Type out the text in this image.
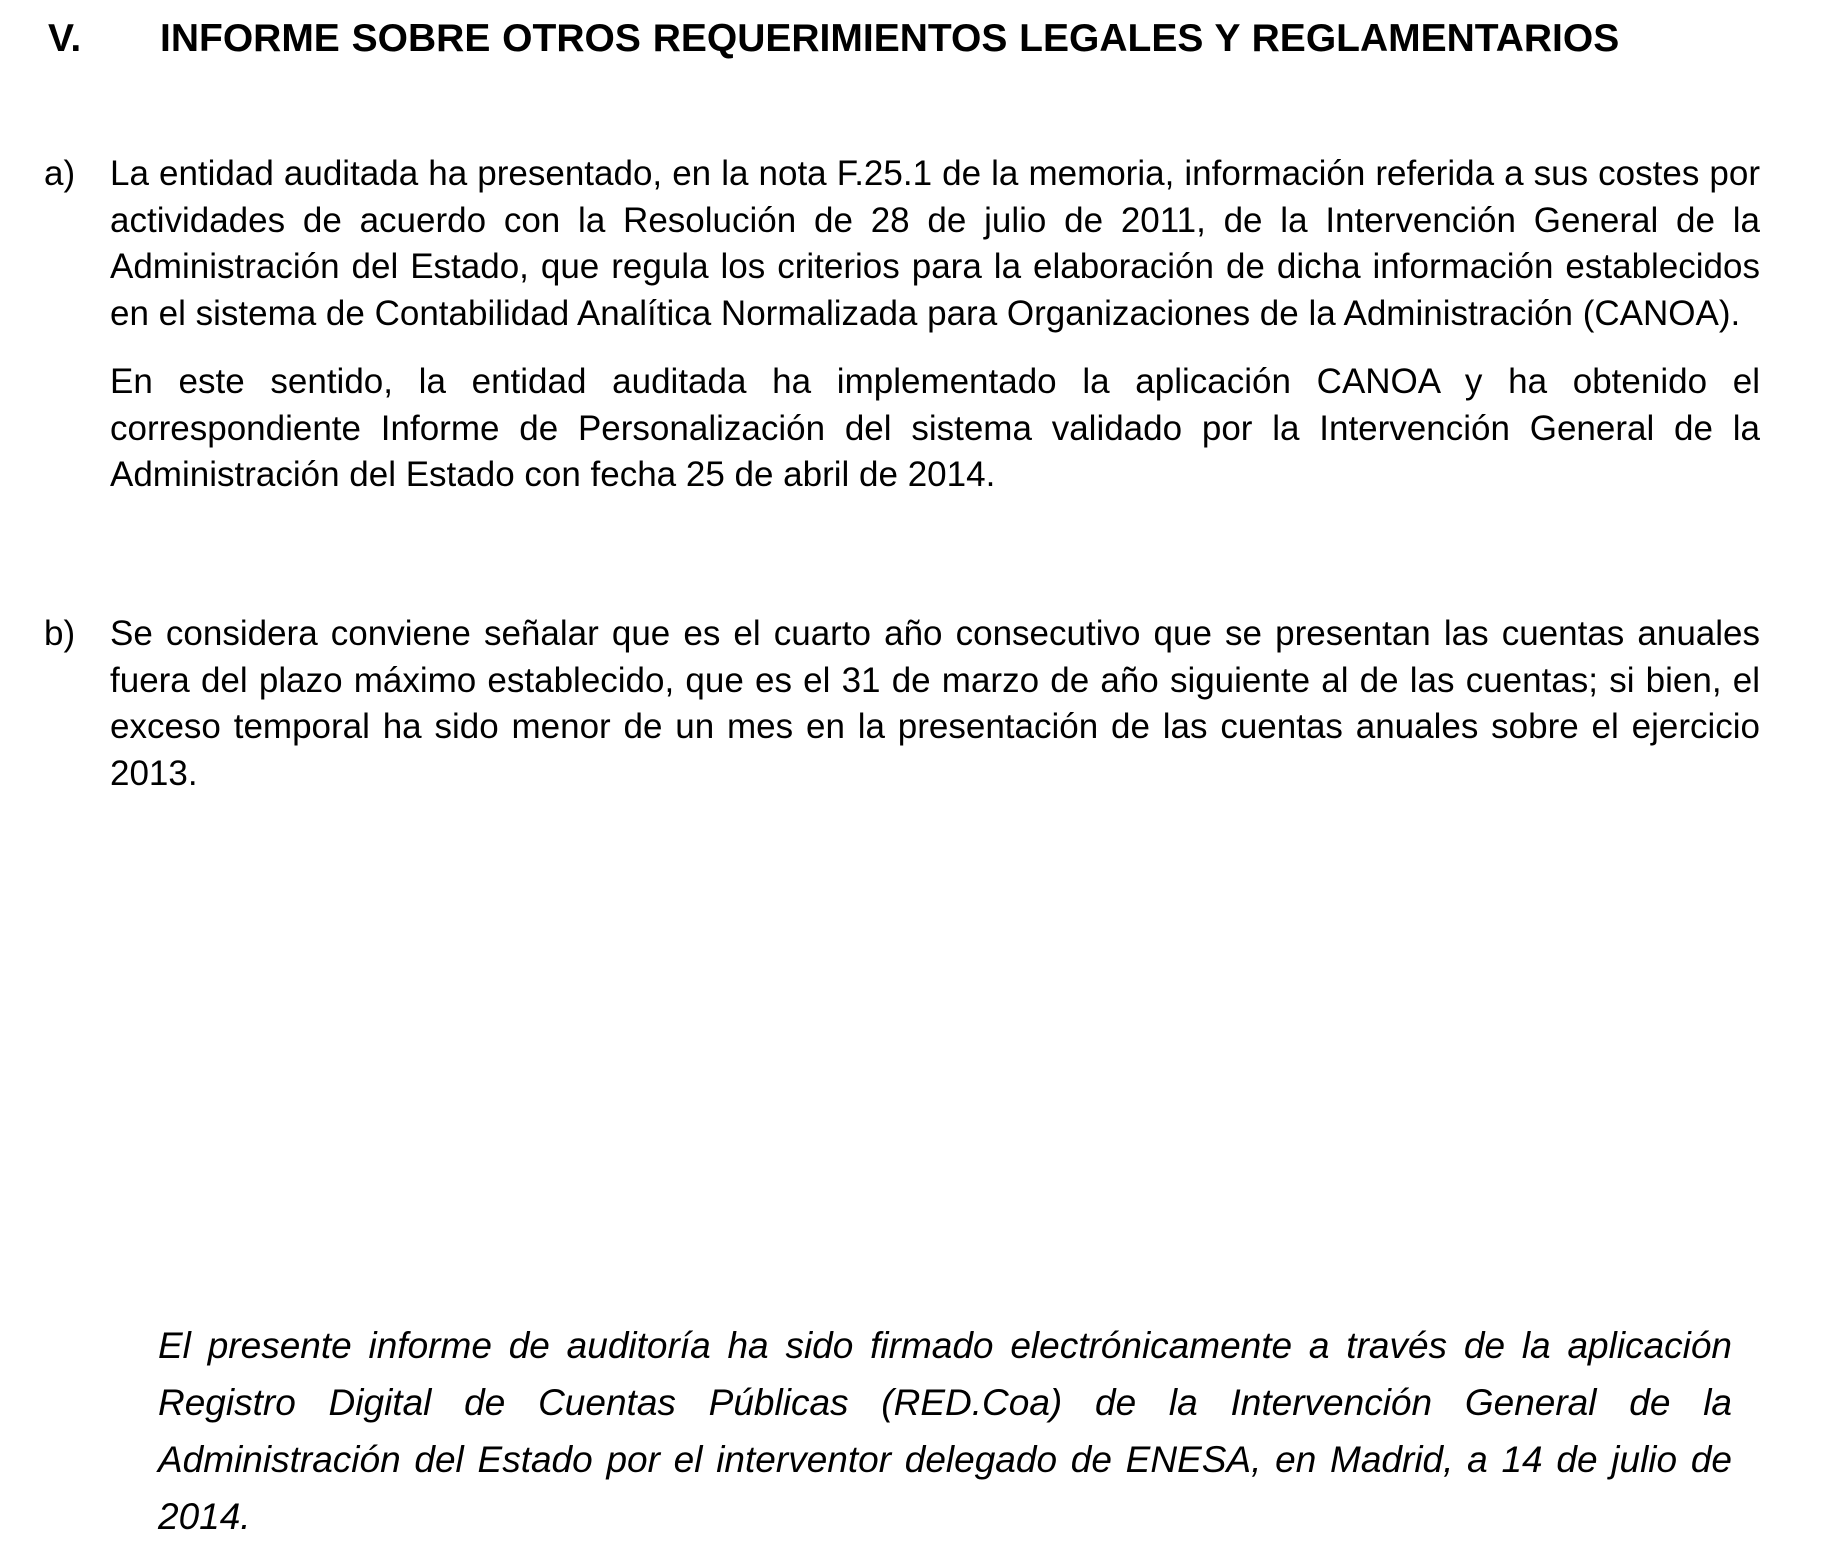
V.	INFORME SOBRE OTROS REQUERIMIENTOS LEGALES Y REGLAMENTARIOS
a) La entidad auditada ha presentado, en la nota F.25.1 de la memoria, información referida a sus costes por actividades de acuerdo con la Resolución de 28 de julio de 2011, de la Intervención General de la Administración del Estado, que regula los criterios para la elaboración de dicha información establecidos en el sistema de Contabilidad Analítica Normalizada para Organizaciones de la Administración (CANOA).

En este sentido, la entidad auditada ha implementado la aplicación CANOA y ha obtenido el correspondiente Informe de Personalización del sistema validado por la Intervención General de la Administración del Estado con fecha 25 de abril de 2014.

b) Se considera conviene señalar que es el cuarto año consecutivo que se presentan las cuentas anuales fuera del plazo máximo establecido, que es el 31 de marzo de año siguiente al de las cuentas; si bien, el exceso temporal ha sido menor de un mes en la presentación de las cuentas anuales sobre el ejercicio 2013.

El presente informe de auditoría ha sido firmado electrónicamente a través de la aplicación Registro Digital de Cuentas Públicas (RED.Coa) de la Intervención General de la Administración del Estado por el interventor delegado de ENESA, en Madrid, a 14 de julio de 2014.
